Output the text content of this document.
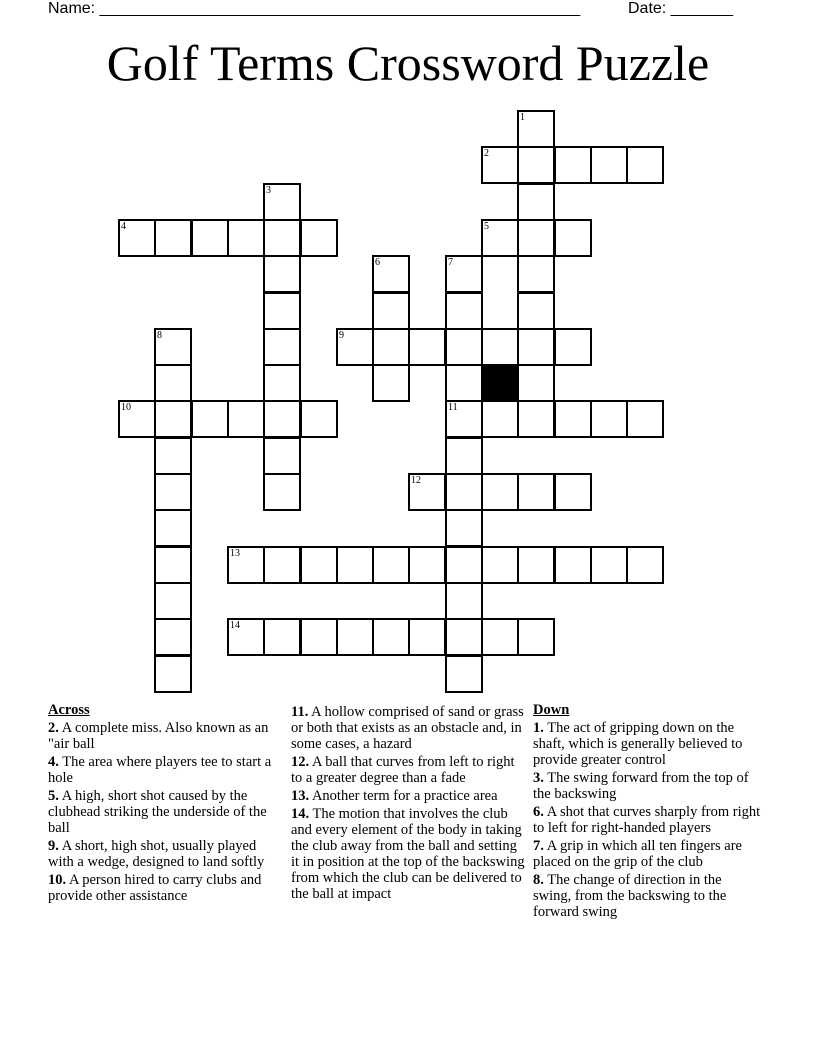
Name: ______________________________________________________	Date: _______
Golf Terms Crossword Puzzle
2
4	5
9
10	11
12
13
14
1
3
6	7
8
Across
2. A complete miss. Also known as an "air ball
4. The area where players tee to start a hole
5. A high, short shot caused by the clubhead striking the underside of the ball
9. A short, high shot, usually played with a wedge, designed to land softly
10. A person hired to carry clubs and provide other assistance
11. A hollow comprised of sand or grass or both that exists as an obstacle and, in some cases, a hazard
12. A ball that curves from left to right to a greater degree than a fade
13. Another term for a practice area
14. The motion that involves the club and every element of the body in taking the club away from the ball and setting it in position at the top of the backswing from which the club can be delivered to the ball at impact
Down
1. The act of gripping down on the shaft, which is generally believed to provide greater control
3. The swing forward from the top of the backswing
6. A shot that curves sharply from right to left for right-handed players
7. A grip in which all ten fingers are placed on the grip of the club
8. The change of direction in the swing, from the backswing to the forward swing
